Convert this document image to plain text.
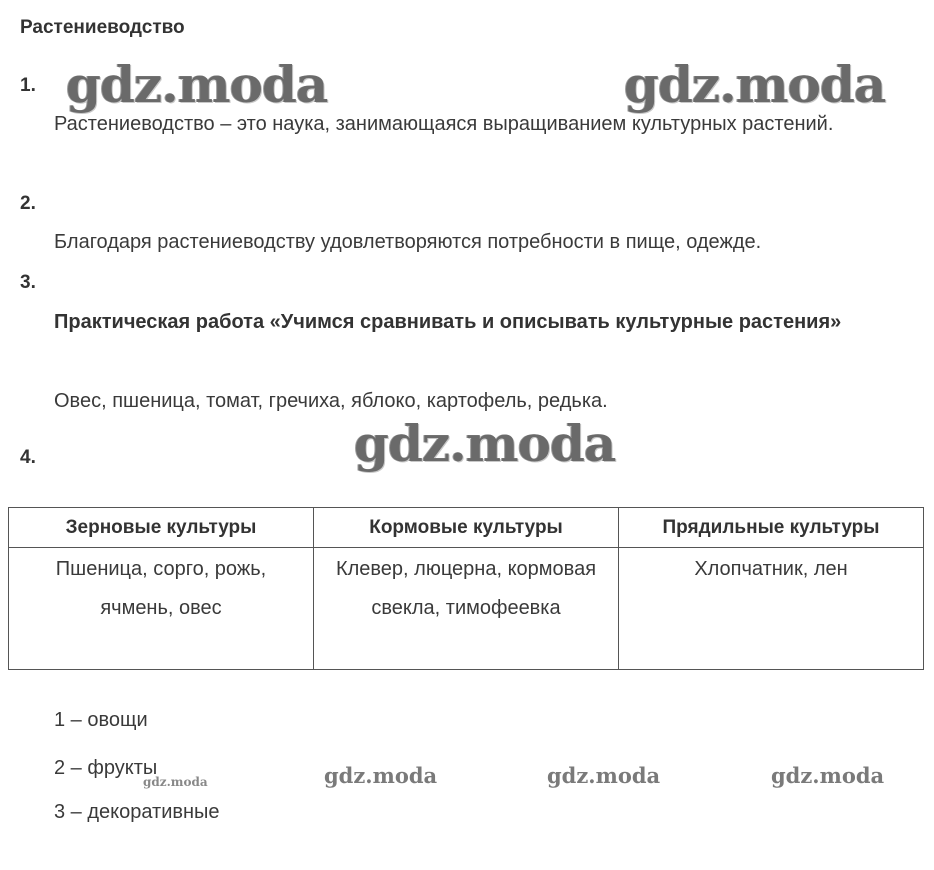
Растениеводство
1.
Растениеводство – это наука, занимающаяся выращиванием культурных растений.
2.
Благодаря растениеводству удовлетворяются потребности в пище, одежде.
3.
Практическая работа «Учимся сравнивать и описывать культурные растения»
Овес, пшеница, томат, гречиха, яблоко, картофель, редька.
4.
Зерновые культуры	Кормовые культуры	Прядильные культуры
Пшеница, сорго, рожь, ячмень, овес	Клевер, люцерна, кормовая свекла, тимофеевка	Хлопчатник, лен
1 – овощи
2 – фрукты
3 – декоративные
gdz.moda	gdz.moda
gdz.moda
gdz.moda	gdz.moda	gdz.moda	gdz.moda
